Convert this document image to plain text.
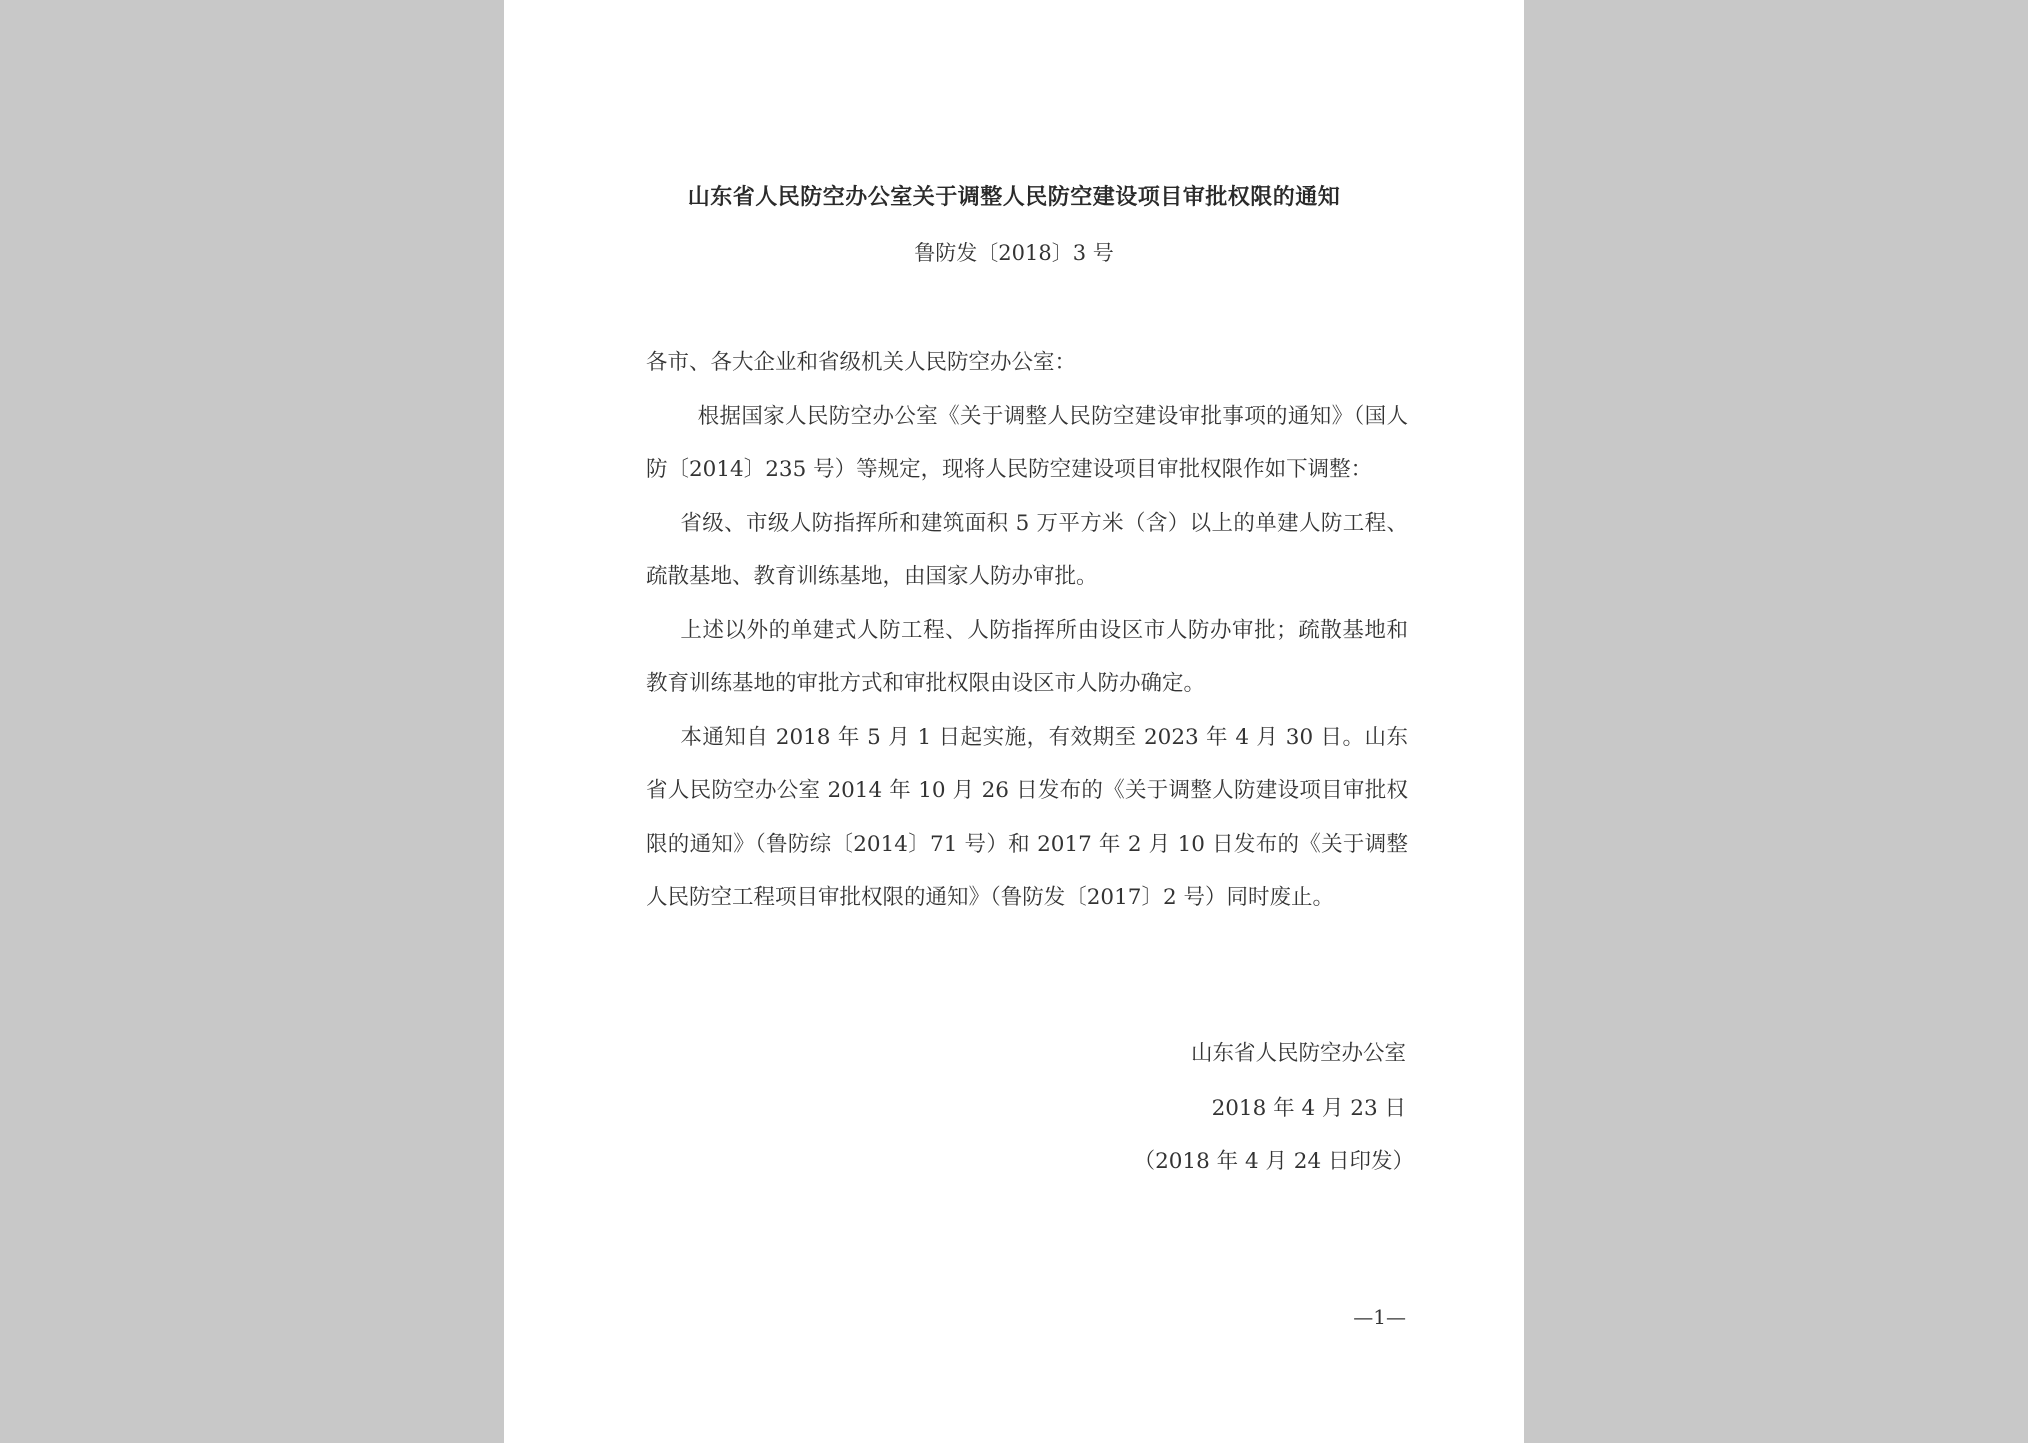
山东省人民防空办公室关于调整人民防空建设项目审批权限的通知
鲁防发〔2018〕3 号

各市、各大企业和省级机关人民防空办公室：

根据国家人民防空办公室《关于调整人民防空建设审批事项的通知》（国人防〔2014〕235 号）等规定，现将人民防空建设项目审批权限作如下调整：

省级、市级人防指挥所和建筑面积 5 万平方米（含）以上的单建人防工程、疏散基地、教育训练基地，由国家人防办审批。

上述以外的单建式人防工程、人防指挥所由设区市人防办审批；疏散基地和教育训练基地的审批方式和审批权限由设区市人防办确定。

本通知自 2018 年 5 月 1 日起实施，有效期至 2023 年 4 月 30 日。山东省人民防空办公室 2014 年 10 月 26 日发布的《关于调整人防建设项目审批权限的通知》（鲁防综〔2014〕71 号）和 2017 年 2 月 10 日发布的《关于调整人民防空工程项目审批权限的通知》（鲁防发〔2017〕2 号）同时废止。

山东省人民防空办公室
2018 年 4 月 23 日
（2018 年 4 月 24 日印发）
—1—
